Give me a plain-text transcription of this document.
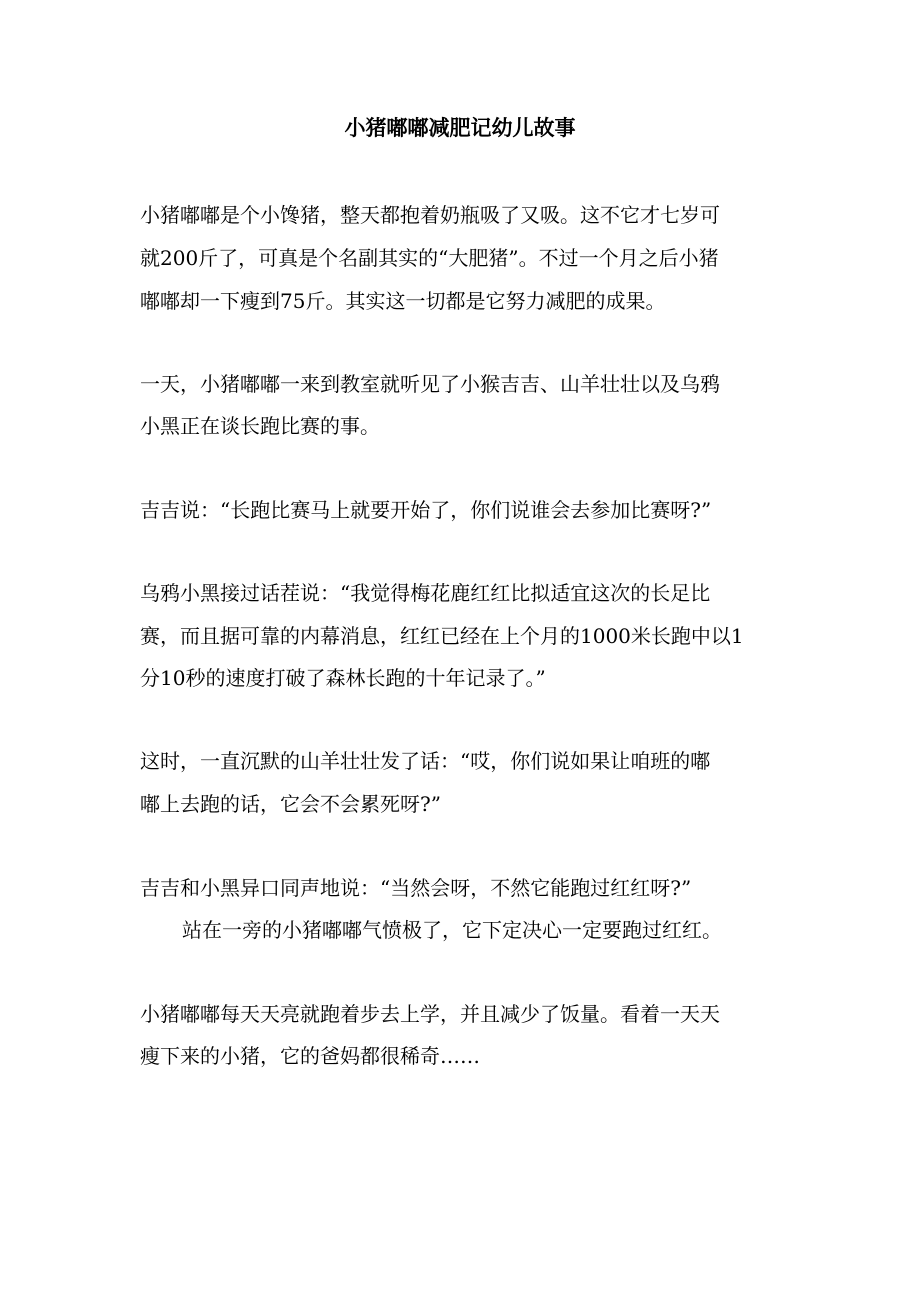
小猪嘟嘟减肥记幼儿故事
小猪嘟嘟是个小馋猪，整天都抱着奶瓶吸了又吸。这不它才七岁可
就200斤了，可真是个名副其实的“大肥猪”。不过一个月之后小猪
嘟嘟却一下瘦到75斤。其实这一切都是它努力减肥的成果。
一天，小猪嘟嘟一来到教室就听见了小猴吉吉、山羊壮壮以及乌鸦
小黑正在谈长跑比赛的事。
吉吉说：“长跑比赛马上就要开始了，你们说谁会去参加比赛呀?”
乌鸦小黑接过话茬说：“我觉得梅花鹿红红比拟适宜这次的长足比
赛，而且据可靠的内幕消息，红红已经在上个月的1000米长跑中以1
分10秒的速度打破了森林长跑的十年记录了。”
这时，一直沉默的山羊壮壮发了话：“哎，你们说如果让咱班的嘟
嘟上去跑的话，它会不会累死呀?”
吉吉和小黑异口同声地说：“当然会呀，不然它能跑过红红呀?”
站在一旁的小猪嘟嘟气愤极了，它下定决心一定要跑过红红。
小猪嘟嘟每天天亮就跑着步去上学，并且减少了饭量。看着一天天
瘦下来的小猪，它的爸妈都很稀奇……
